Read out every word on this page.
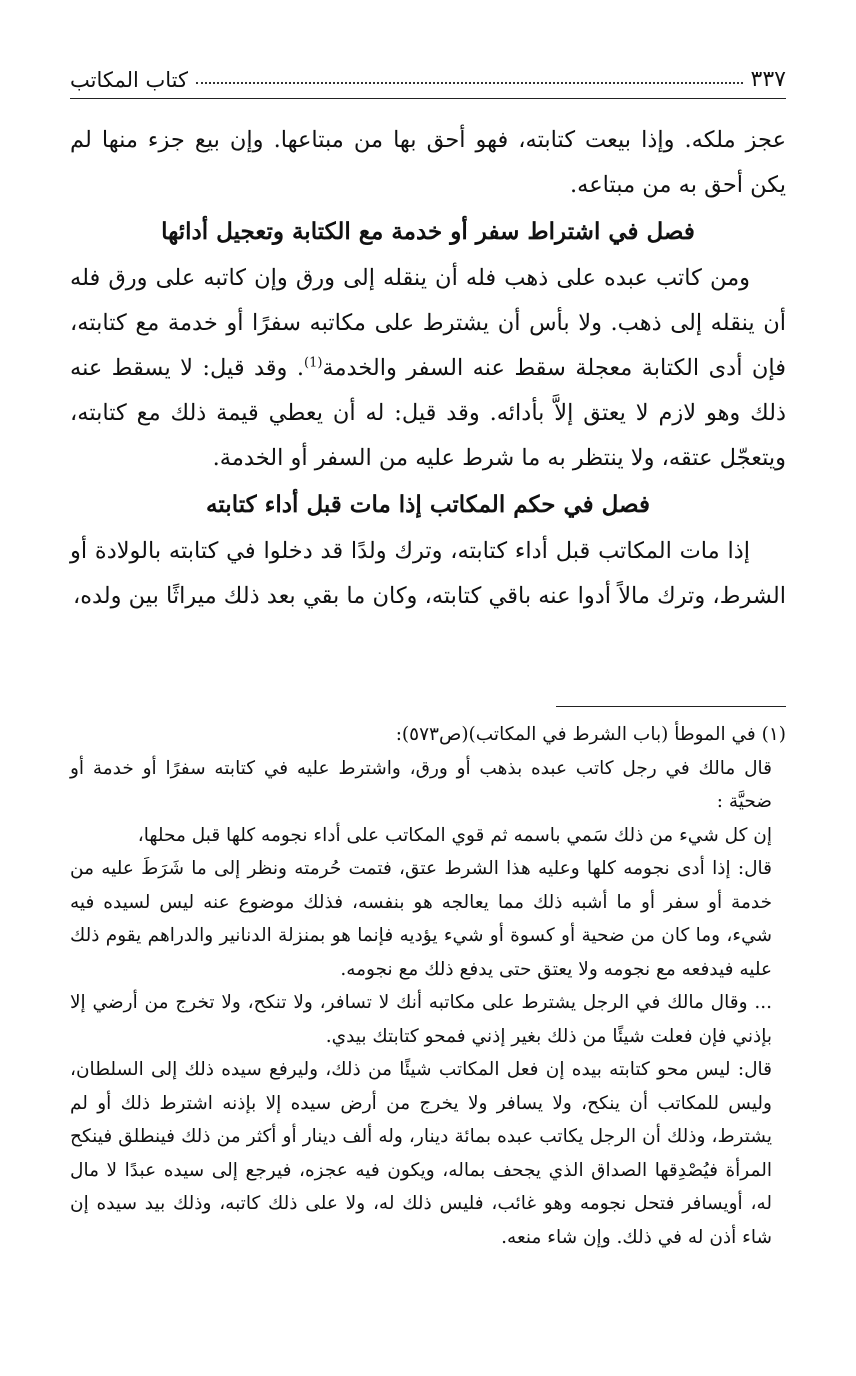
٣٣٧
كتاب المكاتب

عجز ملكه. وإذا بيعت كتابته، فهو أحق بها من مبتاعها. وإن بيع جزء منها لم يكن أحق به من مبتاعه.

فصل في اشتراط سفر أو خدمة مع الكتابة وتعجيل أدائها

ومن كاتب عبده على ذهب فله أن ينقله إلى ورق وإن كاتبه على ورق فله أن ينقله إلى ذهب. ولا بأس أن يشترط على مكاتبه سفرًا أو خدمة مع كتابته، فإن أدى الكتابة معجلة سقط عنه السفر والخدمة$^{(1)}$. وقد قيل: لا يسقط عنه ذلك وهو لازم لا يعتق إلاَّ بأدائه. وقد قيل: له أن يعطي قيمة ذلك مع كتابته، ويتعجّل عتقه، ولا ينتظر به ما شرط عليه من السفر أو الخدمة.

فصل في حكم المكاتب إذا مات قبل أداء كتابته

إذا مات المكاتب قبل أداء كتابته، وترك ولدًا قد دخلوا في كتابته بالولادة أو الشرط، وترك مالاً أدوا عنه باقي كتابته، وكان ما بقي بعد ذلك ميراثًا بين ولده،

(١) في الموطأ (باب الشرط في المكاتب)(ص٥٧٣):

قال مالك في رجل كاتب عبده بذهب أو ورق، واشترط عليه في كتابته سفرًا أو خدمة أو ضحيَّة :

إن كل شيء من ذلك سَمي باسمه ثم قوي المكاتب على أداء نجومه كلها قبل محلها،

قال: إذا أدى نجومه كلها وعليه هذا الشرط عتق، فتمت حُرمته ونظر إلى ما شَرَطَ عليه من خدمة أو سفر أو ما أشبه ذلك مما يعالجه هو بنفسه، فذلك موضوع عنه ليس لسيده فيه شيء، وما كان من ضحية أو كسوة أو شيء يؤديه فإنما هو بمنزلة الدنانير والدراهم يقوم ذلك عليه فيدفعه مع نجومه ولا يعتق حتى يدفع ذلك مع نجومه.

... وقال مالك في الرجل يشترط على مكاتبه أنك لا تسافر، ولا تنكح، ولا تخرج من أرضي إلا بإذني فإن فعلت شيئًا من ذلك بغير إذني فمحو كتابتك بيدي.

قال: ليس محو كتابته بيده إن فعل المكاتب شيئًا من ذلك، وليرفع سيده ذلك إلى السلطان، وليس للمكاتب أن ينكح، ولا يسافر ولا يخرج من أرض سيده إلا بإذنه اشترط ذلك أو لم يشترط، وذلك أن الرجل يكاتب عبده بمائة دينار، وله ألف دينار أو أكثر من ذلك فينطلق فينكح المرأة فيُصْدِقها الصداق الذي يجحف بماله، ويكون فيه عجزه، فيرجع إلى سيده عبدًا لا مال له، أويسافر فتحل نجومه وهو غائب، فليس ذلك له، ولا على ذلك كاتبه، وذلك بيد سيده إن شاء أذن له في ذلك. وإن شاء منعه.
